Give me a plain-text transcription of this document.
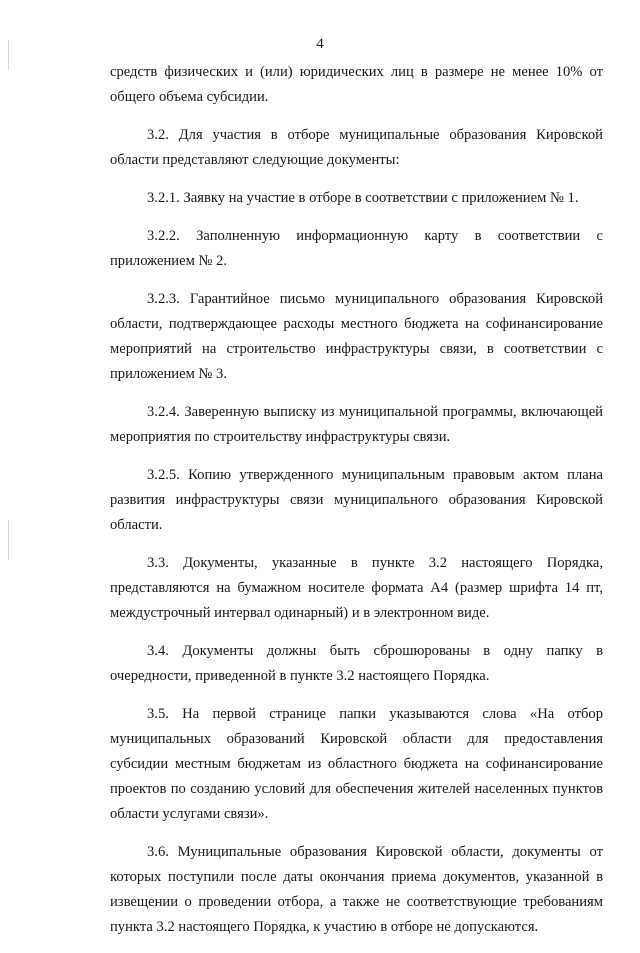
4

средств физических и (или) юридических лиц в размере не менее 10% от общего объема субсидии.

3.2. Для участия в отборе муниципальные образования Кировской области представляют следующие документы:

3.2.1. Заявку на участие в отборе в соответствии с приложением № 1.

3.2.2. Заполненную информационную карту в соответствии с приложением № 2.

3.2.3. Гарантийное письмо муниципального образования Кировской области, подтверждающее расходы местного бюджета на софинансирование мероприятий на строительство инфраструктуры связи, в соответствии с приложением № 3.

3.2.4. Заверенную выписку из муниципальной программы, включающей мероприятия по строительству инфраструктуры связи.

3.2.5. Копию утвержденного муниципальным правовым актом плана развития инфраструктуры связи муниципального образования Кировской области.

3.3. Документы, указанные в пункте 3.2 настоящего Порядка, представляются на бумажном носителе формата А4 (размер шрифта 14 пт, междустрочный интервал одинарный) и в электронном виде.

3.4. Документы должны быть сброшюрованы в одну папку в очередности, приведенной в пункте 3.2 настоящего Порядка.

3.5. На первой странице папки указываются слова «На отбор муниципальных образований Кировской области для предоставления субсидии местным бюджетам из областного бюджета на софинансирование проектов по созданию условий для обеспечения жителей населенных пунктов области услугами связи».

3.6. Муниципальные образования Кировской области, документы от которых поступили после даты окончания приема документов, указанной в извещении о проведении отбора, а также не соответствующие требованиям пункта 3.2 настоящего Порядка, к участию в отборе не допускаются.
